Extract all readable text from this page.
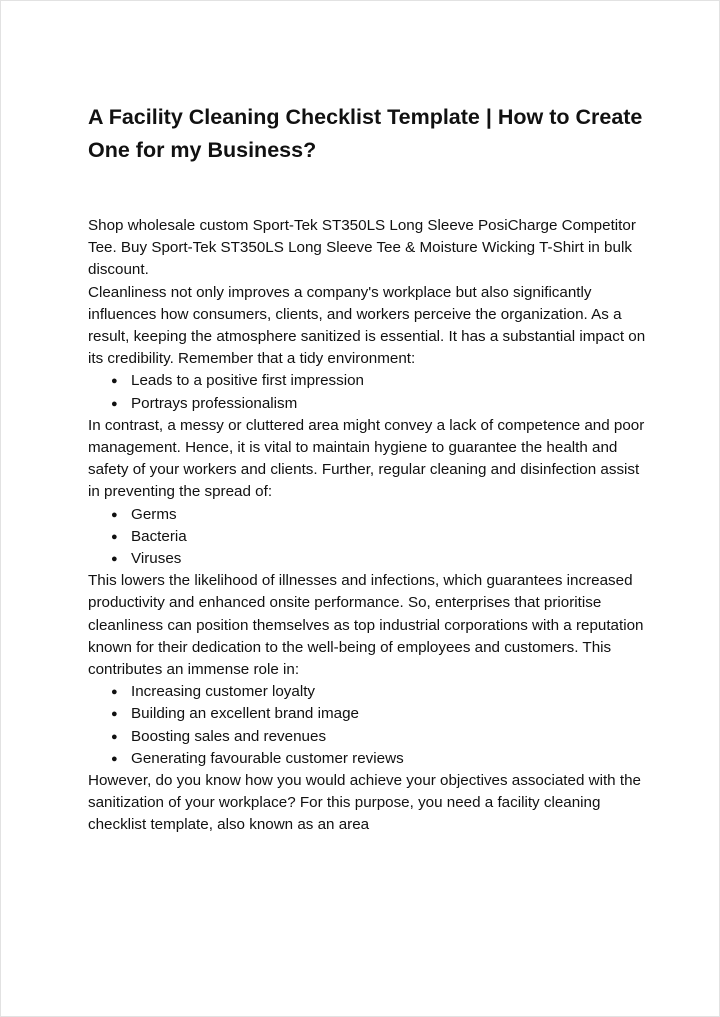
A Facility Cleaning Checklist Template | How to Create One for my Business?

Shop wholesale custom Sport-Tek ST350LS Long Sleeve PosiCharge Competitor Tee. Buy Sport-Tek ST350LS Long Sleeve Tee & Moisture Wicking T-Shirt in bulk discount.

Cleanliness not only improves a company's workplace but also significantly influences how consumers, clients, and workers perceive the organization. As a result, keeping the atmosphere sanitized is essential. It has a substantial impact on its credibility. Remember that a tidy environment:

● Leads to a positive first impression
● Portrays professionalism

In contrast, a messy or cluttered area might convey a lack of competence and poor management. Hence, it is vital to maintain hygiene to guarantee the health and safety of your workers and clients. Further, regular cleaning and disinfection assist in preventing the spread of:

● Germs
● Bacteria
● Viruses

This lowers the likelihood of illnesses and infections, which guarantees increased productivity and enhanced onsite performance. So, enterprises that prioritise cleanliness can position themselves as top industrial corporations with a reputation known for their dedication to the well-being of employees and customers. This contributes an immense role in:

● Increasing customer loyalty
● Building an excellent brand image
● Boosting sales and revenues
● Generating favourable customer reviews

However, do you know how you would achieve your objectives associated with the sanitization of your workplace? For this purpose, you need a facility cleaning checklist template, also known as an area
